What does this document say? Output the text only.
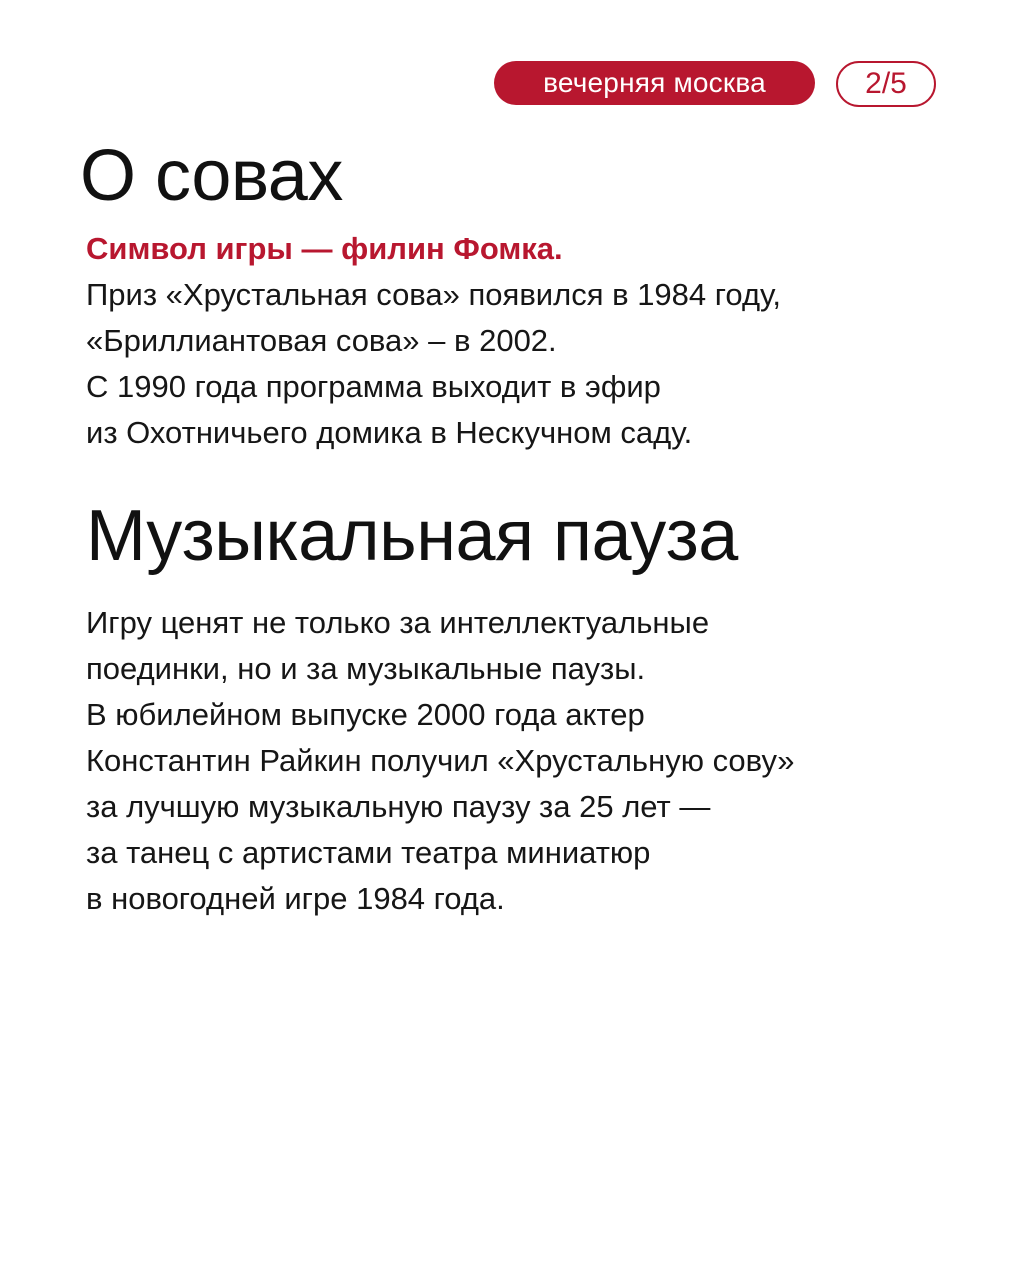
вечерняя москва	2/5
О совах

Символ игры — филин Фомка.

Приз «Хрустальная сова» появился в 1984 году,
«Бриллиантовая сова» – в 2002.
С 1990 года программа выходит в эфир
из Охотничьего домика в Нескучном саду.
Музыкальная пауза
Игру ценят не только за интеллектуальные
поединки, но и за музыкальные паузы.
В юбилейном выпуске 2000 года актер
Константин Райкин получил «Хрустальную сову»
за лучшую музыкальную паузу за 25 лет —
за танец с артистами театра миниатюр
в новогодней игре 1984 года.
